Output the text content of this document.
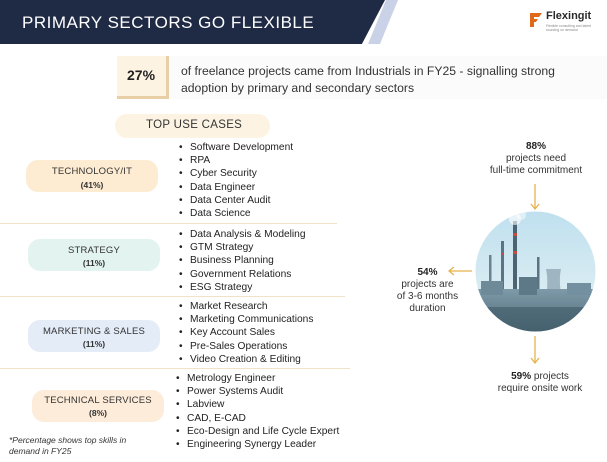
PRIMARY SECTORS GO FLEXIBLE	Flexingit
Flexible consulting and talent sourcing on demand
27% of freelance projects came from Industrials in FY25 - signalling strong
adoption by primary and secondary sectors
TOP USE CASES
TECHNOLOGY/IT
(41%)
• Software Development
• RPA
• Cyber Security
• Data Engineer
• Data Center Audit
• Data Science
STRATEGY
(11%)
• Data Analysis & Modeling
• GTM Strategy
• Business Planning
• Government Relations
• ESG Strategy
MARKETING & SALES
(11%)
• Market Research
• Marketing Communications
• Key Account Sales
• Pre-Sales Operations
• Video Creation & Editing
TECHNICAL SERVICES
(8%)
• Metrology Engineer
• Power Systems Audit
• Labview
• CAD, E-CAD
• Eco-Design and Life Cycle Expert
• Engineering Synergy Leader
*Percentage shows top skills in
demand in FY25
88%
projects need
full-time commitment
54%
projects are
of 3-6 months
duration
59% projects
require onsite work
